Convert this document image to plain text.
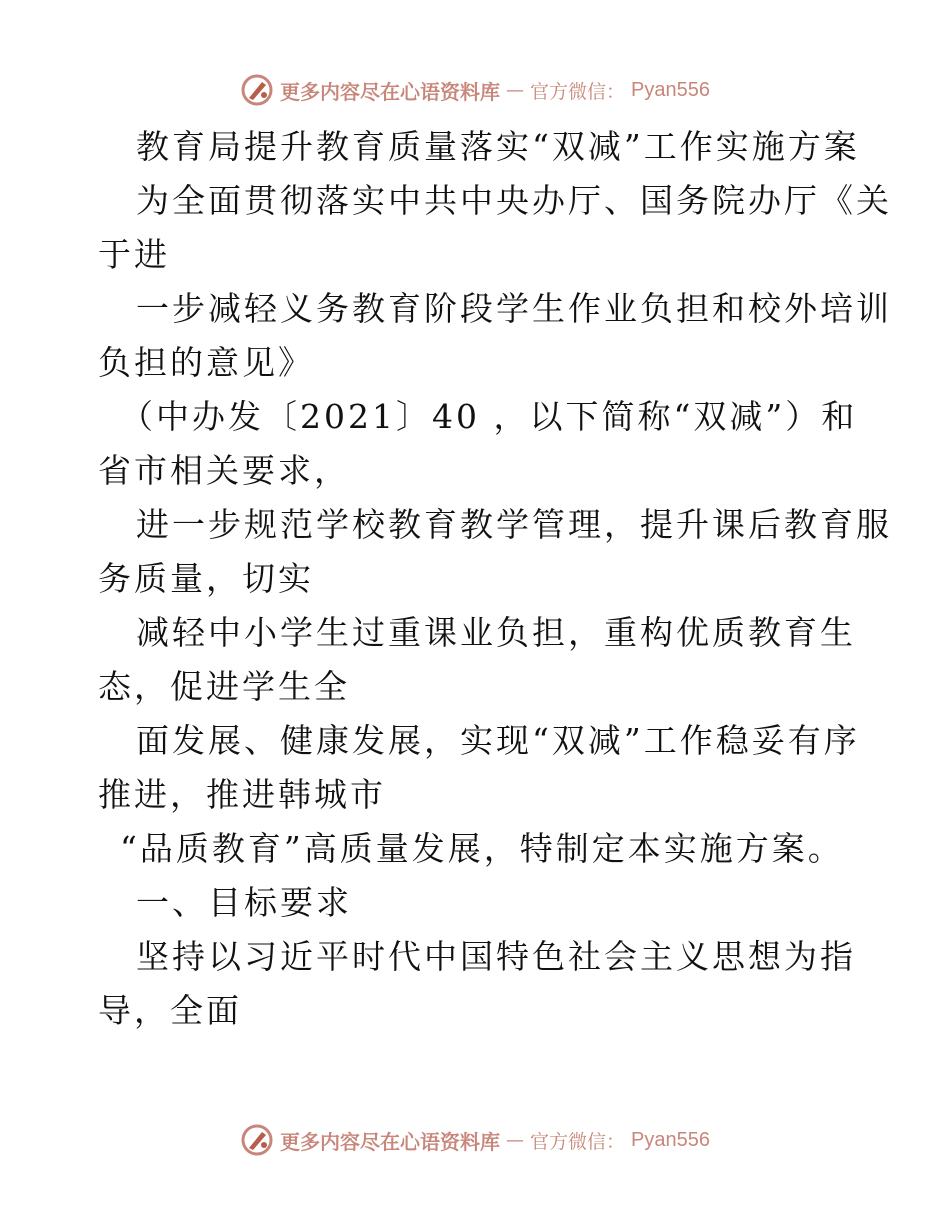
更多内容尽在心语资料库 — 官方微信： Pyan556
教育局提升教育质量落实“双减”工作实施方案
为全面贯彻落实中共中央办厅、国务院办厅《关
于进
一步减轻义务教育阶段学生作业负担和校外培训
负担的意见》
（中办发〔2021〕40 ，以下简称“双减”）和
省市相关要求，
进一步规范学校教育教学管理，提升课后教育服
务质量，切实
减轻中小学生过重课业负担，重构优质教育生
态，促进学生全
面发展、健康发展，实现“双减”工作稳妥有序
推进，推进韩城市
“品质教育”高质量发展，特制定本实施方案。
一、目标要求
坚持以习近平时代中国特色社会主义思想为指
导，全面
更多内容尽在心语资料库 — 官方微信： Pyan556
